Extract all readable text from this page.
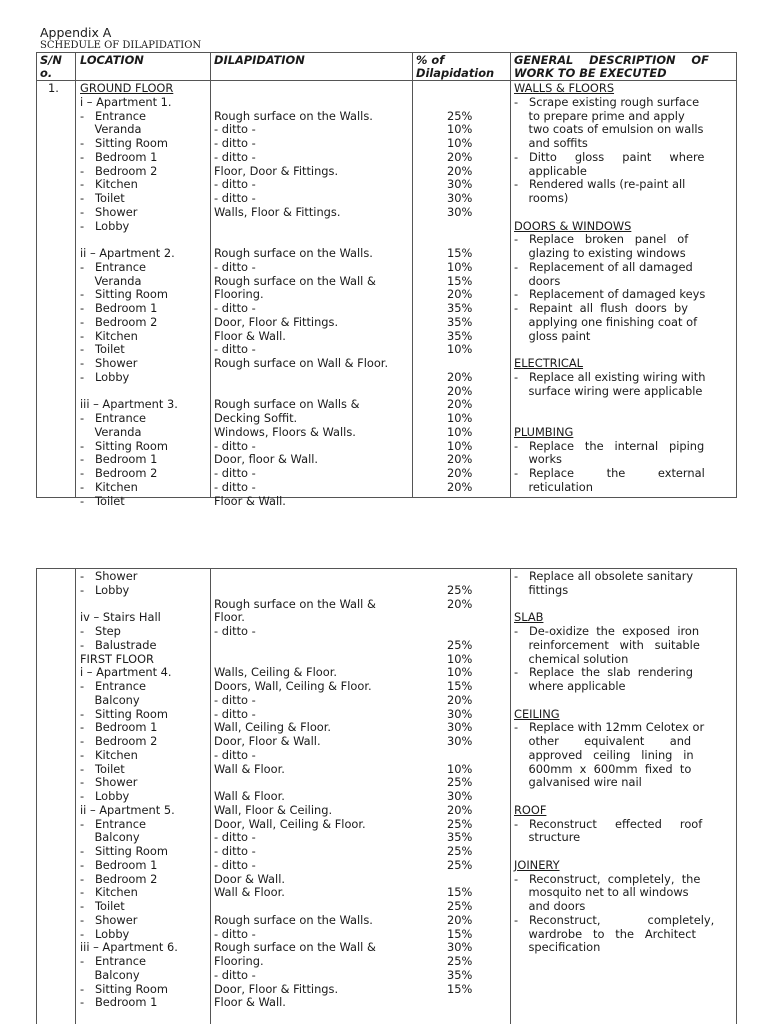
Appendix A
SCHEDULE OF DILAPIDATION
S/N
o.
LOCATION	DILAPIDATION	% of
Dilapidation
GENERAL    DESCRIPTION    OF
WORK TO BE EXECUTED
1. GROUND FLOOR
i – Apartment 1.
-   Entrance
Veranda
-   Sitting Room
-   Bedroom 1
-   Bedroom 2
-   Kitchen
-   Toilet
-   Shower
-   Lobby
ii – Apartment 2.
-   Entrance
Veranda
-   Sitting Room
-   Bedroom 1
-   Bedroom 2
-   Kitchen
-   Toilet
-   Shower
-   Lobby
iii – Apartment 3.
-   Entrance
Veranda
-   Sitting Room
-   Bedroom 1
-   Bedroom 2
-   Kitchen
-   Toilet
Rough surface on the Walls.
- ditto -
- ditto -
- ditto -
Floor, Door & Fittings.
- ditto -
- ditto -
Walls, Floor & Fittings.
Rough surface on the Walls.
- ditto -
Rough surface on the Wall &
Flooring.
- ditto -
Door, Floor & Fittings.
Floor & Wall.
- ditto -
Rough surface on Wall & Floor.
Rough surface on Walls &
Decking Soffit.
Windows, Floors & Walls.
- ditto -
Door, floor & Wall.
- ditto -
- ditto -
Floor & Wall.
25%
10%
10%
20%
20%
30%
30%
30%
15%
10%
15%
20%
35%
35%
35%
10%
20%
20%
20%
10%
10%
10%
20%
20%
20%
WALLS & FLOORS
-   Scrape existing rough surface
to prepare prime and apply
two coats of emulsion on walls
and soffits
-   Ditto     gloss     paint     where
applicable
-   Rendered walls (re-paint all
rooms)
DOORS & WINDOWS
-   Replace   broken   panel   of
glazing to existing windows
-   Replacement of all damaged
doors
-   Replacement of damaged keys
-   Repaint  all  flush  doors  by
applying one finishing coat of
gloss paint
ELECTRICAL
-   Replace all existing wiring with
surface wiring were applicable
PLUMBING
-   Replace   the   internal   piping
works
-   Replace         the         external
reticulation
-   Shower
-   Lobby
iv – Stairs Hall
-   Step
-   Balustrade
FIRST FLOOR
i – Apartment 4.
-   Entrance
Balcony
-   Sitting Room
-   Bedroom 1
-   Bedroom 2
-   Kitchen
-   Toilet
-   Shower
-   Lobby
ii – Apartment 5.
-   Entrance
Balcony
-   Sitting Room
-   Bedroom 1
-   Bedroom 2
-   Kitchen
-   Toilet
-   Shower
-   Lobby
iii – Apartment 6.
-   Entrance
Balcony
-   Sitting Room
-   Bedroom 1
Rough surface on the Wall &
Floor.
- ditto -
Walls, Ceiling & Floor.
Doors, Wall, Ceiling & Floor.
- ditto -
- ditto -
Wall, Ceiling & Floor.
Door, Floor & Wall.
- ditto -
Wall & Floor.
Wall & Floor.
Wall, Floor & Ceiling.
Door, Wall, Ceiling & Floor.
- ditto -
- ditto -
- ditto -
Door & Wall.
Wall & Floor.
Rough surface on the Walls.
- ditto -
Rough surface on the Wall &
Flooring.
- ditto -
Door, Floor & Fittings.
Floor & Wall.
25%
20%
25%
10%
10%
15%
20%
30%
30%
30%
10%
25%
30%
20%
25%
35%
25%
25%
15%
25%
20%
15%
30%
25%
35%
15%
-   Replace all obsolete sanitary
fittings
SLAB
-   De-oxidize  the  exposed  iron
reinforcement   with   suitable
chemical solution
-   Replace  the  slab  rendering
where applicable
CEILING
-   Replace with 12mm Celotex or
other       equivalent       and
approved   ceiling   lining   in
600mm  x  600mm  fixed  to
galvanised wire nail
ROOF
-   Reconstruct     effected     roof
structure
JOINERY
-   Reconstruct,  completely,  the
mosquito net to all windows
and doors
-   Reconstruct,             completely,
wardrobe   to   the   Architect
specification
